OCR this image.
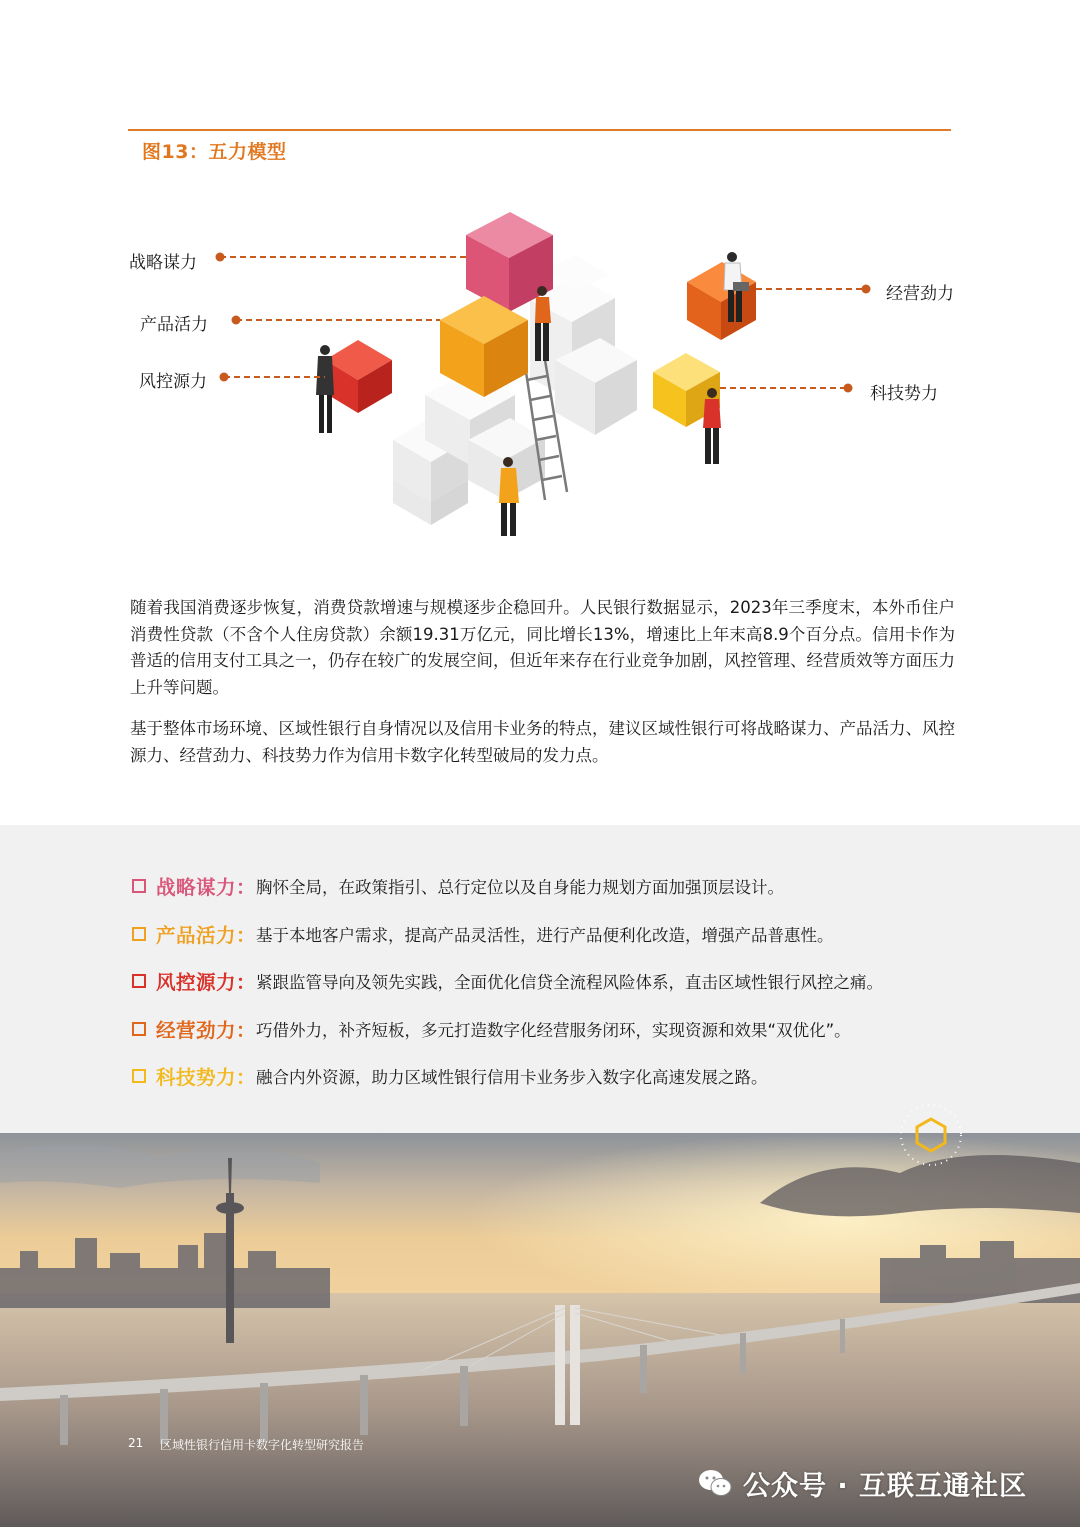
图13：五力模型
战略谋力
产品活力
风控源力
经营劲力
科技势力

随着我国消费逐步恢复，消费贷款增速与规模逐步企稳回升。人民银行数据显示，2023年三季度末，本外币住户消费性贷款（不含个人住房贷款）余额19.31万亿元，同比增长13%，增速比上年末高8.9个百分点。信用卡作为普适的信用支付工具之一，仍存在较广的发展空间，但近年来存在行业竞争加剧，风控管理、经营质效等方面压力上升等问题。

基于整体市场环境、区域性银行自身情况以及信用卡业务的特点，建议区域性银行可将战略谋力、产品活力、风控源力、经营劲力、科技势力作为信用卡数字化转型破局的发力点。

战略谋力： 胸怀全局，在政策指引、总行定位以及自身能力规划方面加强顶层设计。
产品活力： 基于本地客户需求，提高产品灵活性，进行产品便利化改造，增强产品普惠性。
风控源力： 紧跟监管导向及领先实践，全面优化信贷全流程风险体系，直击区域性银行风控之痛。
经营劲力： 巧借外力，补齐短板，多元打造数字化经营服务闭环，实现资源和效果“双优化”。
科技势力： 融合内外资源，助力区域性银行信用卡业务步入数字化高速发展之路。
21 区域性银行信用卡数字化转型研究报告
公众号 · 互联互通社区
